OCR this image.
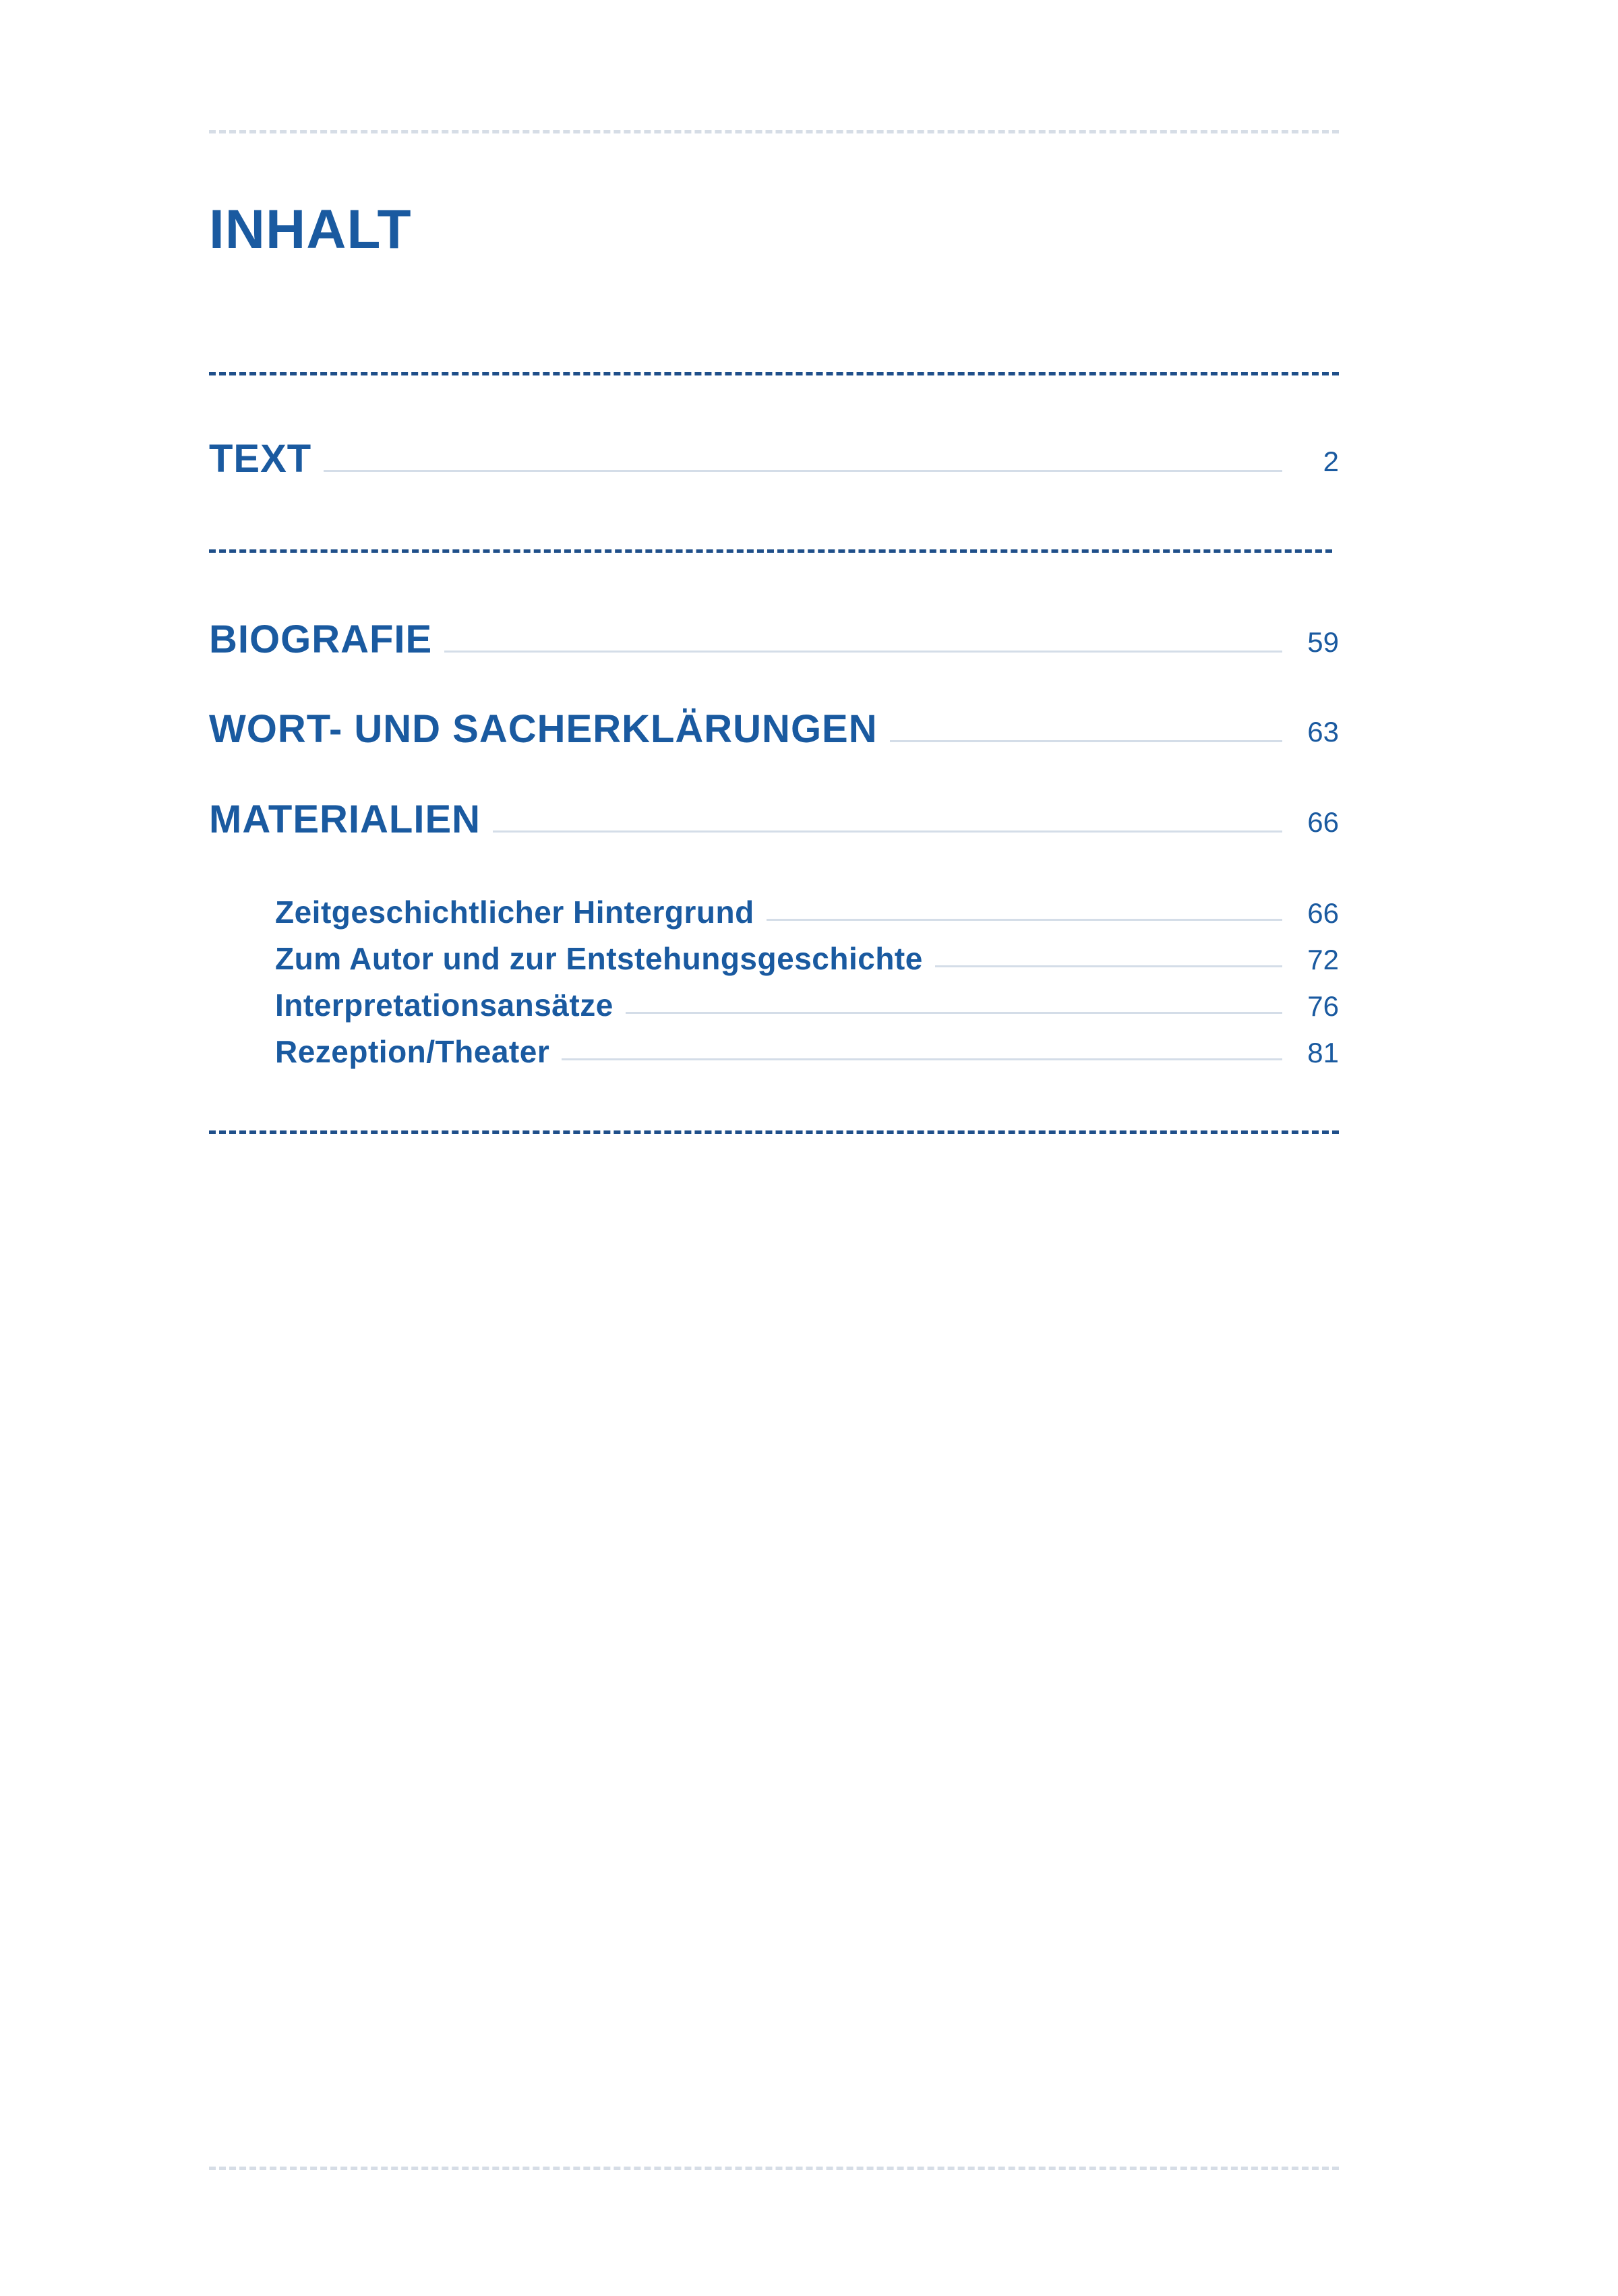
INHALT
TEXT	2
BIOGRAFIE	59
WORT- UND SACHERKLÄRUNGEN	63
MATERIALIEN	66
Zeitgeschichtlicher Hintergrund	66
Zum Autor und zur Entstehungsgeschichte	72
Interpretationsansätze	76
Rezeption/Theater	81
